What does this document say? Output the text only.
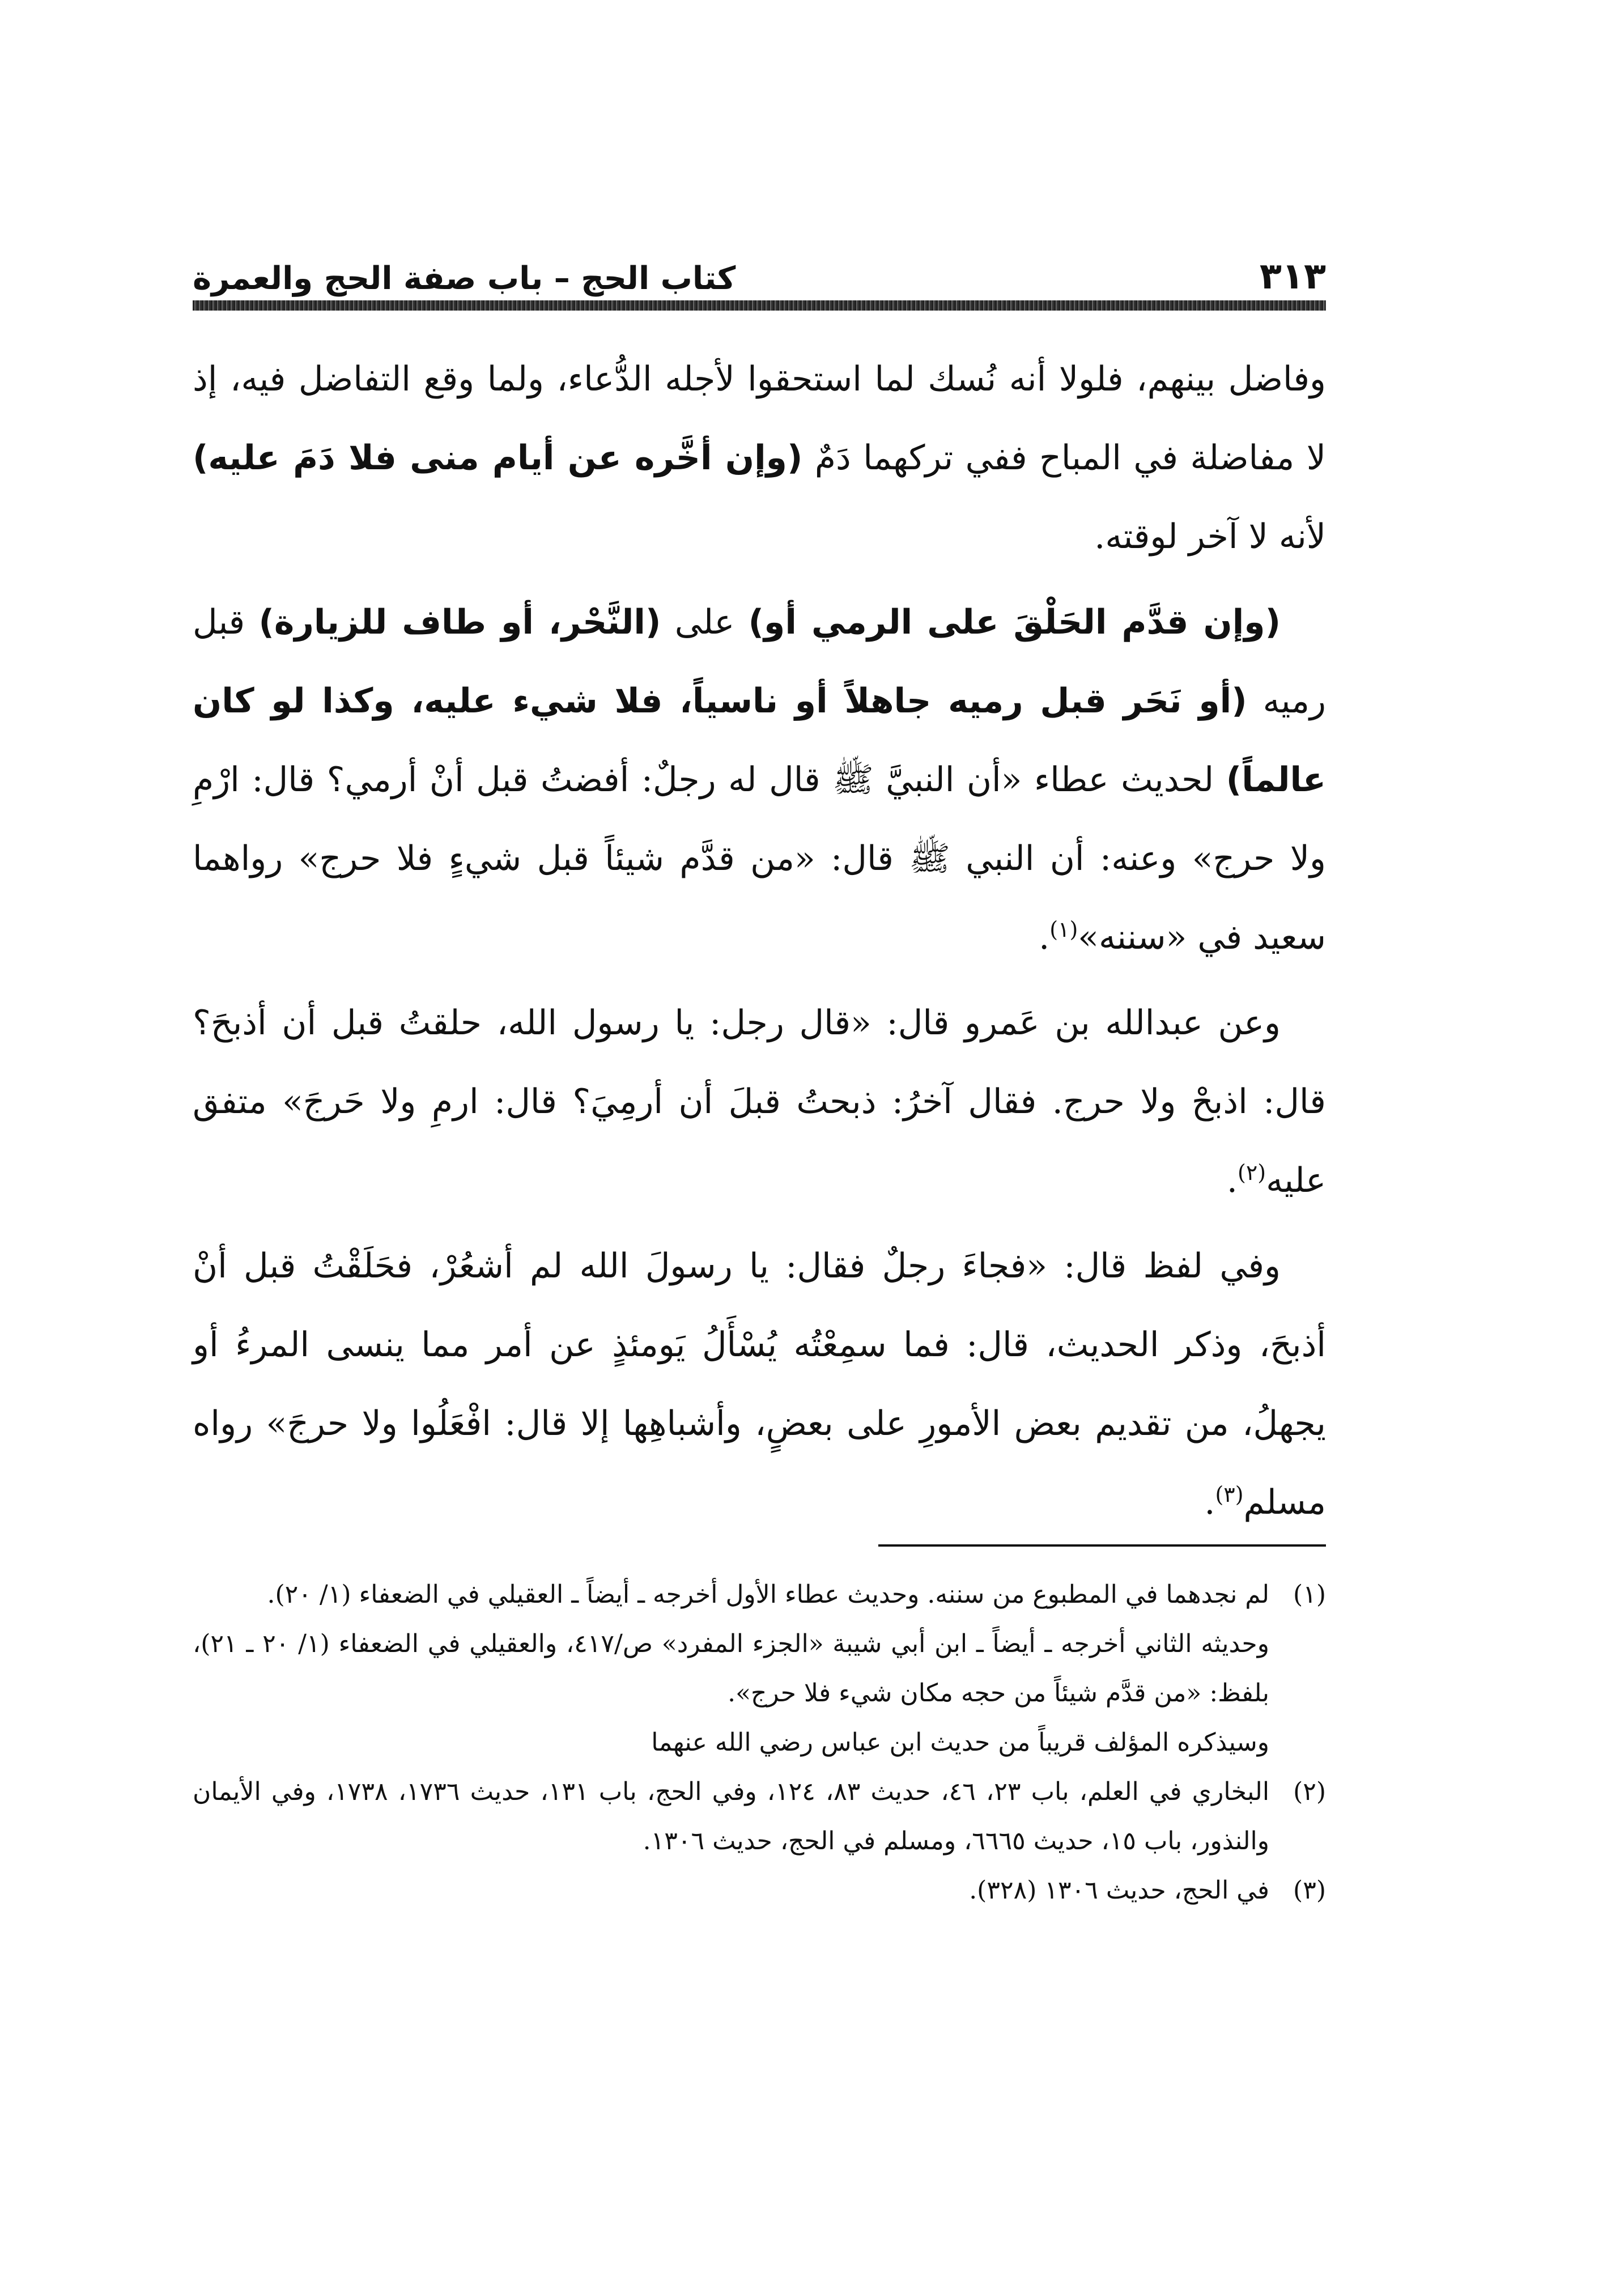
٣١٣
كتاب الحج – باب صفة الحج والعمرة

وفاضل بينهم، فلولا أنه نُسك لما استحقوا لأجله الدُّعاء، ولما وقع التفاضل فيه، إذ لا مفاضلة في المباح ففي تركهما دَمٌ (وإن أخَّره عن أيام منى فلا دَمَ عليه) لأنه لا آخر لوقته.

(وإن قدَّم الحَلْقَ على الرمي أو) على (النَّحْر، أو طاف للزيارة) قبل رميه (أو نَحَر قبل رميه جاهلاً أو ناسياً، فلا شيء عليه، وكذا لو كان عالماً) لحديث عطاء «أن النبيَّ ﷺ قال له رجلٌ: أفضتُ قبل أنْ أرمي؟ قال: ارْمِ ولا حرج» وعنه: أن النبي ﷺ قال: «من قدَّم شيئاً قبل شيءٍ فلا حرج» رواهما سعيد في «سننه»$^{(١)}$.

وعن عبدالله بن عَمرو قال: «قال رجل: يا رسول الله، حلقتُ قبل أن أذبحَ؟ قال: اذبحْ ولا حرج. فقال آخرُ: ذبحتُ قبلَ أن أرمِيَ؟ قال: ارمِ ولا حَرجَ» متفق عليه$^{(٢)}$.

وفي لفظ قال: «فجاءَ رجلٌ فقال: يا رسولَ الله لم أشعُرْ، فحَلَقْتُ قبل أنْ أذبحَ، وذكر الحديث، قال: فما سمِعْتُه يُسْأَلُ يَومئذٍ عن أمر مما ينسى المرءُ أو يجهلُ، من تقديم بعض الأمورِ على بعضٍ، وأشباهِها إلا قال: افْعَلُوا ولا حرجَ» رواه مسلم$^{(٣)}$.

(١)لم نجدهما في المطبوع من سننه. وحديث عطاء الأول أخرجه ـ أيضاً ـ العقيلي في الضعفاء (١/ ٢٠).

وحديثه الثاني أخرجه ـ أيضاً ـ ابن أبي شيبة «الجزء المفرد» ص/٤١٧، والعقيلي في الضعفاء (١/ ٢٠ ـ ٢١)، بلفظ: «من قدَّم شيئاً من حجه مكان شيء فلا حرج».

وسيذكره المؤلف قريباً من حديث ابن عباس رضي الله عنهما

(٢)البخاري في العلم، باب ٢٣، ٤٦، حديث ٨٣، ١٢٤، وفي الحج، باب ١٣١، حديث ١٧٣٦، ١٧٣٨، وفي الأيمان والنذور، باب ١٥، حديث ٦٦٦٥، ومسلم في الحج، حديث ١٣٠٦.

(٣)في الحج، حديث ١٣٠٦ (٣٢٨).
